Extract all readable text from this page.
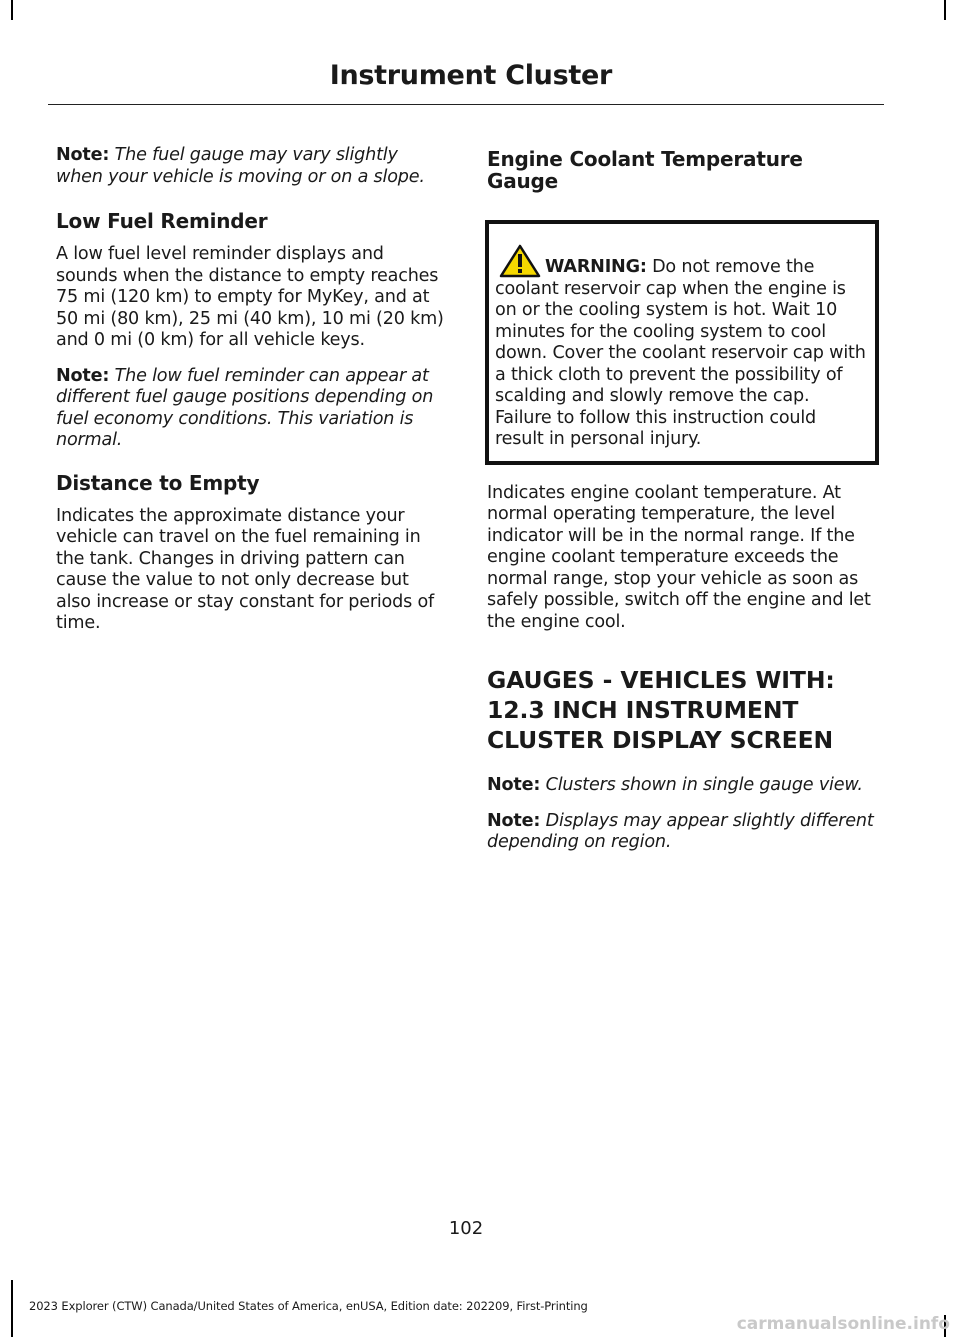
Instrument Cluster

Note: The fuel gauge may vary slightly when your vehicle is moving or on a slope.

Low Fuel Reminder

A low fuel level reminder displays and sounds when the distance to empty reaches 75 mi (120 km) to empty for MyKey, and at 50 mi (80 km), 25 mi (40 km), 10 mi (20 km) and 0 mi (0 km) for all vehicle keys.

Note: The low fuel reminder can appear at different fuel gauge positions depending on fuel economy conditions. This variation is normal.

Distance to Empty

Indicates the approximate distance your vehicle can travel on the fuel remaining in the tank. Changes in driving pattern can cause the value to not only decrease but also increase or stay constant for periods of time.

Engine Coolant Temperature Gauge

WARNING: Do not remove the coolant reservoir cap when the engine is on or the cooling system is hot. Wait 10 minutes for the cooling system to cool down. Cover the coolant reservoir cap with a thick cloth to prevent the possibility of scalding and slowly remove the cap. Failure to follow this instruction could result in personal injury.

Indicates engine coolant temperature. At normal operating temperature, the level indicator will be in the normal range. If the engine coolant temperature exceeds the normal range, stop your vehicle as soon as safely possible, switch off the engine and let the engine cool.

GAUGES - VEHICLES WITH:
12.3 INCH INSTRUMENT
CLUSTER DISPLAY SCREEN

Note: Clusters shown in single gauge view.

Note: Displays may appear slightly different depending on region.

102
2023 Explorer (CTW) Canada/United States of America, enUSA, Edition date: 202209, First-Printing
carmanualsonline.info
